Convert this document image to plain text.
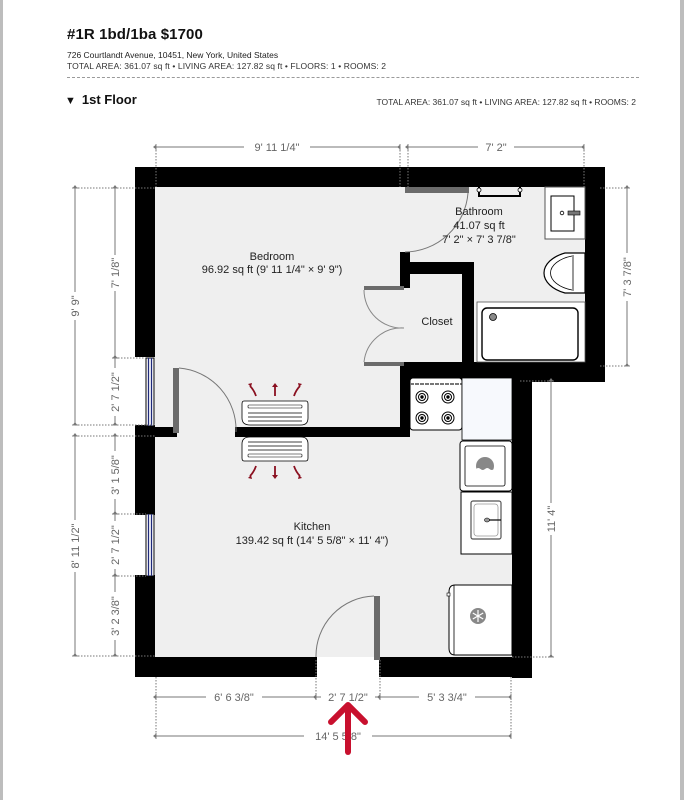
#1R 1bd/1ba $1700
726 Courtlandt Avenue, 10451, New York, United States
TOTAL AREA: 361.07 sq ft • LIVING AREA: 127.82 sq ft • FLOORS: 1 • ROOMS: 2
▼ 1st Floor	TOTAL AREA: 361.07 sq ft • LIVING AREA: 127.82 sq ft • ROOMS: 2
Bedroom
96.92 sq ft (9' 11 1/4" × 9' 9")
Bathroom
41.07 sq ft
7' 2" × 7' 3 7/8"
Closet
Kitchen
139.42 sq ft (14' 5 5/8" × 11' 4")
9' 11 1/4"	7' 2"
7' 3 7/8"
11' 4"
9' 9"
7' 1/8"
2' 7 1/2"
8' 11 1/2"
3' 1 5/8"
2' 7 1/2"
3' 2 3/8"
6' 6 3/8"	2' 7 1/2"	5' 3 3/4"
14' 5 5/8"
